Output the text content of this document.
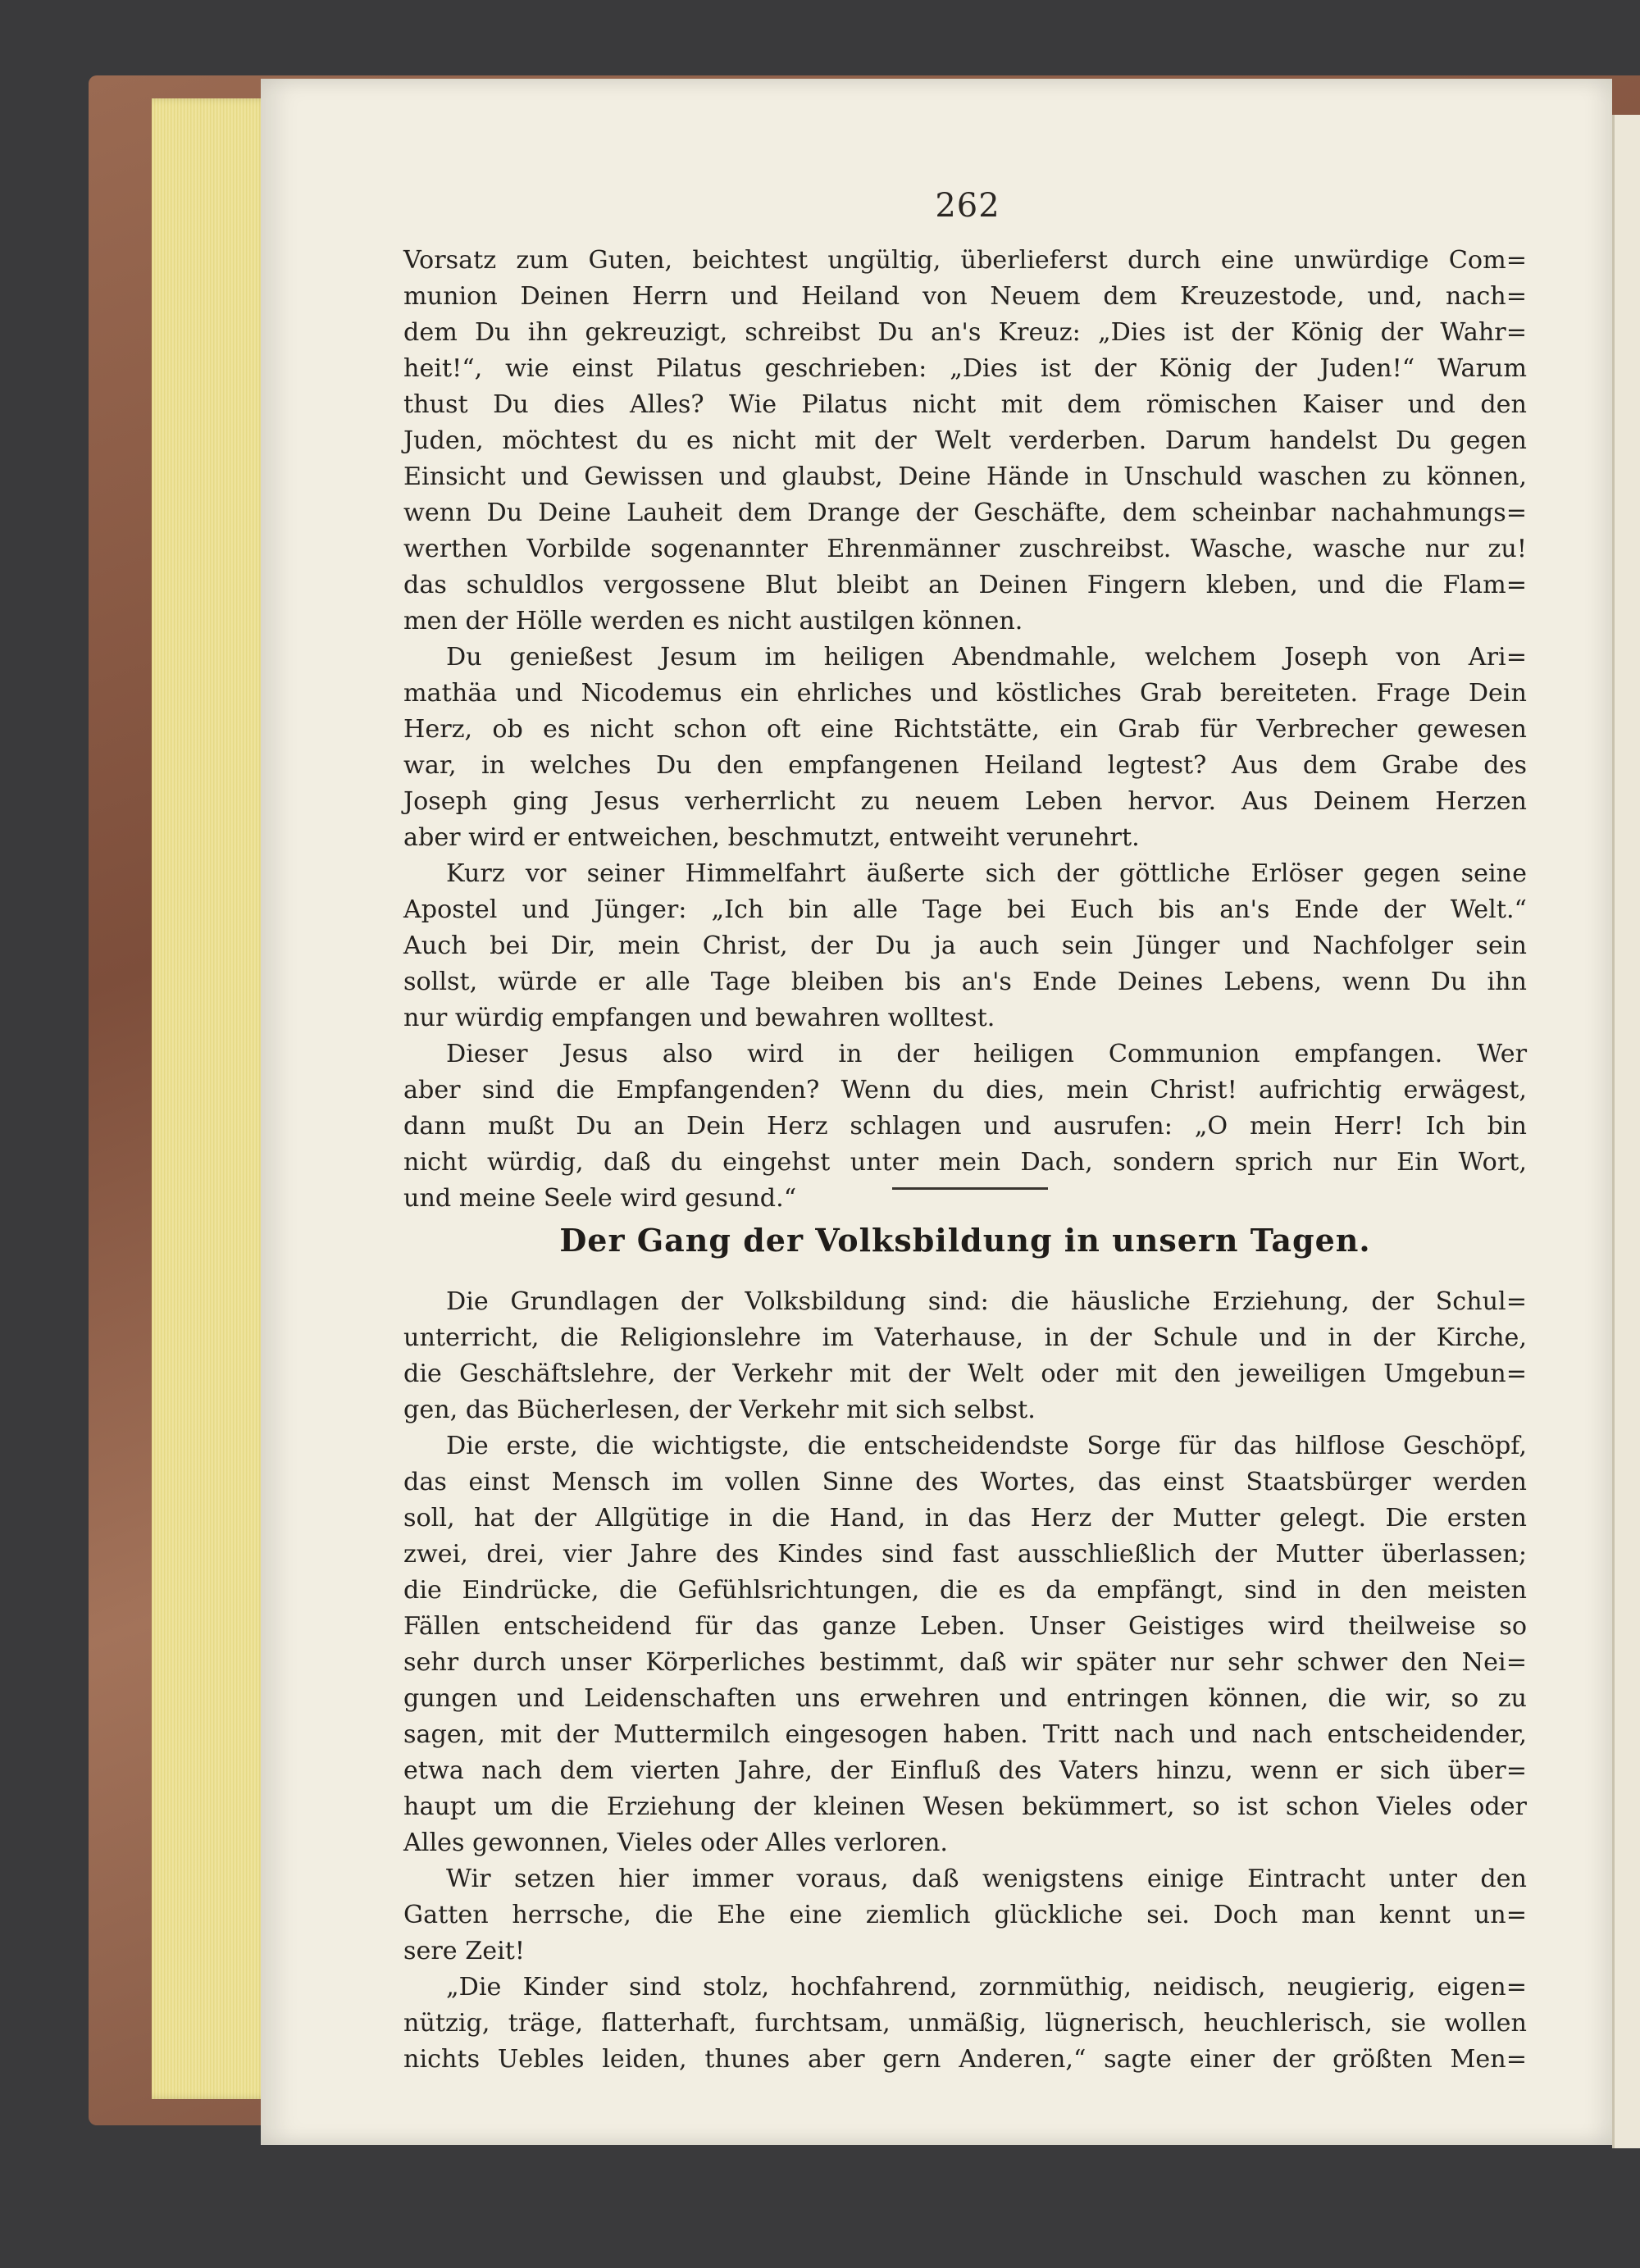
262
Vorsatz zum Guten, beichtest ungültig, überlieferst durch eine unwürdige Com=
munion Deinen Herrn und Heiland von Neuem dem Kreuzestode, und, nach=
dem Du ihn gekreuzigt, schreibst Du an's Kreuz: „Dies ist der König der Wahr=
heit!“, wie einst Pilatus geschrieben: „Dies ist der König der Juden!“ Warum
thust Du dies Alles? Wie Pilatus nicht mit dem römischen Kaiser und den
Juden, möchtest du es nicht mit der Welt verderben. Darum handelst Du gegen
Einsicht und Gewissen und glaubst, Deine Hände in Unschuld waschen zu können,
wenn Du Deine Lauheit dem Drange der Geschäfte, dem scheinbar nachahmungs=
werthen Vorbilde sogenannter Ehrenmänner zuschreibst. Wasche, wasche nur zu!
das schuldlos vergossene Blut bleibt an Deinen Fingern kleben, und die Flam=
men der Hölle werden es nicht austilgen können.
Du genießest Jesum im heiligen Abendmahle, welchem Joseph von Ari=
mathäa und Nicodemus ein ehrliches und köstliches Grab bereiteten. Frage Dein
Herz, ob es nicht schon oft eine Richtstätte, ein Grab für Verbrecher gewesen
war, in welches Du den empfangenen Heiland legtest? Aus dem Grabe des
Joseph ging Jesus verherrlicht zu neuem Leben hervor. Aus Deinem Herzen
aber wird er entweichen, beschmutzt, entweiht verunehrt.
Kurz vor seiner Himmelfahrt äußerte sich der göttliche Erlöser gegen seine
Apostel und Jünger: „Ich bin alle Tage bei Euch bis an's Ende der Welt.“
Auch bei Dir, mein Christ, der Du ja auch sein Jünger und Nachfolger sein
sollst, würde er alle Tage bleiben bis an's Ende Deines Lebens, wenn Du ihn
nur würdig empfangen und bewahren wolltest.
Dieser Jesus also wird in der heiligen Communion empfangen. Wer
aber sind die Empfangenden? Wenn du dies, mein Christ! aufrichtig erwägest,
dann mußt Du an Dein Herz schlagen und ausrufen: „O mein Herr! Ich bin
nicht würdig, daß du eingehst unter mein Dach, sondern sprich nur Ein Wort,
und meine Seele wird gesund.“
Der Gang der Volksbildung in unsern Tagen.
Die Grundlagen der Volksbildung sind: die häusliche Erziehung, der Schul=
unterricht, die Religionslehre im Vaterhause, in der Schule und in der Kirche,
die Geschäftslehre, der Verkehr mit der Welt oder mit den jeweiligen Umgebun=
gen, das Bücherlesen, der Verkehr mit sich selbst.
Die erste, die wichtigste, die entscheidendste Sorge für das hilflose Geschöpf,
das einst Mensch im vollen Sinne des Wortes, das einst Staatsbürger werden
soll, hat der Allgütige in die Hand, in das Herz der Mutter gelegt. Die ersten
zwei, drei, vier Jahre des Kindes sind fast ausschließlich der Mutter überlassen;
die Eindrücke, die Gefühlsrichtungen, die es da empfängt, sind in den meisten
Fällen entscheidend für das ganze Leben. Unser Geistiges wird theilweise so
sehr durch unser Körperliches bestimmt, daß wir später nur sehr schwer den Nei=
gungen und Leidenschaften uns erwehren und entringen können, die wir, so zu
sagen, mit der Muttermilch eingesogen haben. Tritt nach und nach entscheidender,
etwa nach dem vierten Jahre, der Einfluß des Vaters hinzu, wenn er sich über=
haupt um die Erziehung der kleinen Wesen bekümmert, so ist schon Vieles oder
Alles gewonnen, Vieles oder Alles verloren.
Wir setzen hier immer voraus, daß wenigstens einige Eintracht unter den
Gatten herrsche, die Ehe eine ziemlich glückliche sei. Doch man kennt un=
sere Zeit!
„Die Kinder sind stolz, hochfahrend, zornmüthig, neidisch, neugierig, eigen=
nützig, träge, flatterhaft, furchtsam, unmäßig, lügnerisch, heuchlerisch, sie wollen
nichts Uebles leiden, thunes aber gern Anderen,“ sagte einer der größten Men=
